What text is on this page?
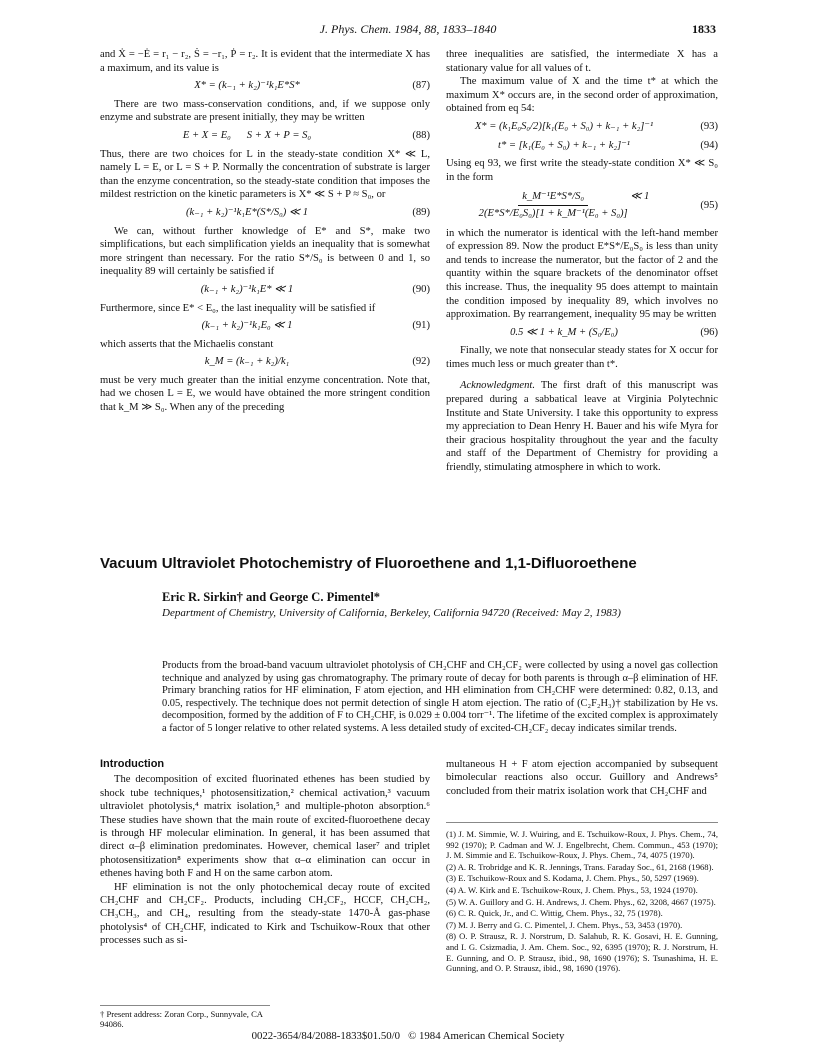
J. Phys. Chem. 1984, 88, 1833–1840	1833

and Ẋ = −Ė = r₁ − r₂, Ṡ = −r₁, Ṗ = r₂. It is evident that the intermediate X has a maximum, and its value is

X* = (k₋₁ + k₂)⁻¹k₁E*S*	(87)

There are two mass-conservation conditions, and, if we suppose only enzyme and substrate are present initially, they may be written

E + X = E₀      S + X + P = S₀	(88)

Thus, there are two choices for L in the steady-state condition X* ≪ L, namely L = E, or L = S + P. Normally the concentration of substrate is larger than the enzyme concentration, so the steady-state condition that imposes the mildest restriction on the kinetic parameters is X* ≪ S + P ≈ S₀, or

(k₋₁ + k₂)⁻¹k₁E*(S*/S₀) ≪ 1	(89)

We can, without further knowledge of E* and S*, make two simplifications, but each simplification yields an inequality that is somewhat more stringent than necessary. For the ratio S*/S₀ is between 0 and 1, so inequality 89 will certainly be satisfied if

(k₋₁ + k₂)⁻¹k₁E* ≪ 1	(90)

Furthermore, since E* < E₀, the last inequality will be satisfied if

(k₋₁ + k₂)⁻¹k₁E₀ ≪ 1	(91)

which asserts that the Michaelis constant

k_M = (k₋₁ + k₂)/k₁	(92)

must be very much greater than the initial enzyme concentration. Note that, had we chosen L = E, we would have obtained the more stringent condition that k_M ≫ S₀. When any of the preceding

three inequalities are satisfied, the intermediate X has a stationary value for all values of t.

The maximum value of X and the time t* at which the maximum X* occurs are, in the second order of approximation, obtained from eq 54:

X* = (k₁E₀S₀/2)[k₁(E₀ + S₀) + k₋₁ + k₂]⁻¹	(93)
t* = [k₁(E₀ + S₀) + k₋₁ + k₂]⁻¹	(94)

Using eq 93, we first write the steady-state condition X* ≪ S₀ in the form

$\frac{\text{k\_M⁻¹E*S*/S₀}}{\text{2(E*S*/E₀S₀)[1 + k\_M⁻¹(E₀ + S₀)]}}$ ≪ 1
(95)

in which the numerator is identical with the left-hand member of expression 89. Now the product E*S*/E₀S₀ is less than unity and tends to increase the numerator, but the factor of 2 and the quantity within the square brackets of the denominator offset this increase. Thus, the inequality 95 does attempt to maintain the condition imposed by inequality 89, which involves no approximation. By rearrangement, inequality 95 may be written

0.5 ≪ 1 + k_M + (S₀/E₀)	(96)

Finally, we note that nonsecular steady states for X occur for times much less or much greater than t*.

Acknowledgment. The first draft of this manuscript was prepared during a sabbatical leave at Virginia Polytechnic Institute and State University. I take this opportunity to express my appreciation to Dean Henry H. Bauer and his wife Myra for their gracious hospitality throughout the year and the faculty and staff of the Department of Chemistry for providing a friendly, stimulating atmosphere in which to work.

Vacuum Ultraviolet Photochemistry of Fluoroethene and 1,1-Difluoroethene
Eric R. Sirkin† and George C. Pimentel*
Department of Chemistry, University of California, Berkeley, California 94720 (Received: May 2, 1983)
Products from the broad-band vacuum ultraviolet photolysis of CH₂CHF and CH₂CF₂ were collected by using a novel gas collection technique and analyzed by using gas chromatography. The primary route of decay for both parents is through α–β elimination of HF. Primary branching ratios for HF elimination, F atom ejection, and HH elimination from CH₂CHF were determined: 0.82, 0.13, and 0.05, respectively. The technique does not permit detection of single H atom ejection. The ratio of (C₂F₂H₃)† stabilization by He vs. decomposition, formed by the addition of F to CH₂CHF, is 0.029 ± 0.004 torr⁻¹. The lifetime of the excited complex is approximately a factor of 5 longer relative to other related systems. A less detailed study of excited-CH₂CF₂ decay indicates similar trends.
Introduction

The decomposition of excited fluorinated ethenes has been studied by shock tube techniques,¹ photosensitization,² chemical activation,³ vacuum ultraviolet photolysis,⁴ matrix isolation,⁵ and multiple-photon absorption.⁶ These studies have shown that the main route of excited-fluoroethene decay is through HF molecular elimination. In general, it has been assumed that direct α–β elimination predominates. However, chemical laser⁷ and triplet photosensitization⁸ experiments show that α–α elimination can occur in ethenes having both F and H on the same carbon atom.

HF elimination is not the only photochemical decay route of excited CH₂CHF and CH₂CF₂. Products, including CH₂CF₂, HCCF, CH₂CH₂, CH₃CH₃, and CH₄, resulting from the steady-state 1470-Å gas-phase photolysis⁴ of CH₂CHF, indicated to Kirk and Tschuikow-Roux that other processes such as si-

multaneous H + F atom ejection accompanied by subsequent bimolecular reactions also occur. Guillory and Andrews⁵ concluded from their matrix isolation work that CH₂CHF and

(1) J. M. Simmie, W. J. Wuiring, and E. Tschuikow-Roux, J. Phys. Chem., 74, 992 (1970); P. Cadman and W. J. Engelbrecht, Chem. Commun., 453 (1970); J. M. Simmie and E. Tschuikow-Roux, J. Phys. Chem., 74, 4075 (1970).

(2) A. R. Trobridge and K. R. Jennings, Trans. Faraday Soc., 61, 2168 (1968).

(3) E. Tschuikow-Roux and S. Kodama, J. Chem. Phys., 50, 5297 (1969).

(4) A. W. Kirk and E. Tschuikow-Roux, J. Chem. Phys., 53, 1924 (1970).

(5) W. A. Guillory and G. H. Andrews, J. Chem. Phys., 62, 3208, 4667 (1975).

(6) C. R. Quick, Jr., and C. Wittig, Chem. Phys., 32, 75 (1978).

(7) M. J. Berry and G. C. Pimentel, J. Chem. Phys., 53, 3453 (1970).

(8) O. P. Strausz, R. J. Norstrum, D. Salahub, R. K. Gosavi, H. E. Gunning, and I. G. Csizmadia, J. Am. Chem. Soc., 92, 6395 (1970); R. J. Norstrum, H. E. Gunning, and O. P. Strausz, ibid., 98, 1690 (1976); S. Tsunashima, H. E. Gunning, and O. P. Strausz, ibid., 98, 1690 (1976).

† Present address: Zoran Corp., Sunnyvale, CA 94086.
0022-3654/84/2088-1833$01.50/0   © 1984 American Chemical Society
